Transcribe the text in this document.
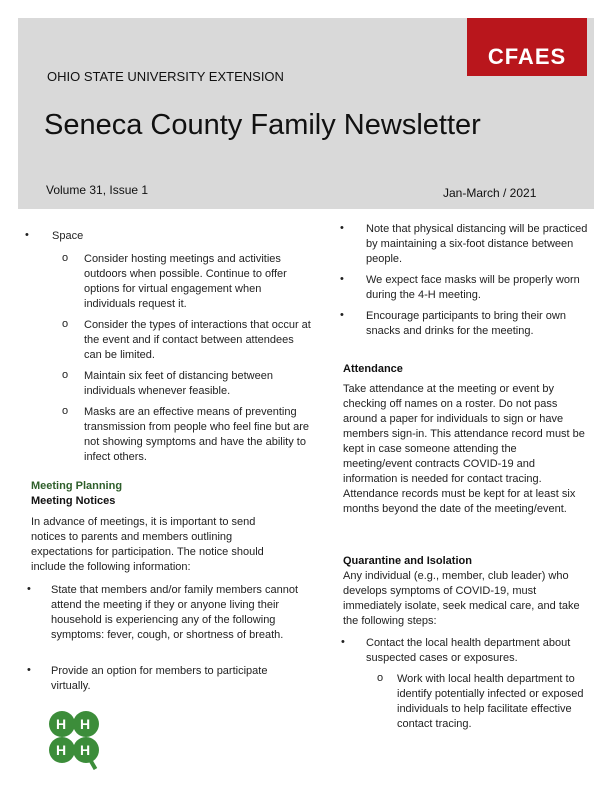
CFAES
OHIO STATE UNIVERSITY EXTENSION
Seneca County Family Newsletter
Volume 31, Issue 1	Jan-March / 2021
• Space
o Consider hosting meetings and activities outdoors when possible. Continue to offer options for virtual engagement when individuals request it.
o Consider the types of interactions that occur at the event and if contact between attendees can be limited.
o Maintain six feet of distancing between individuals whenever feasible.
o Masks are an effective means of preventing transmission from people who feel fine but are not showing symptoms and have the ability to infect others.
Meeting Planning
Meeting Notices
In advance of meetings, it is important to send notices to parents and members outlining expectations for participation. The notice should include the following information:
• State that members and/or family members cannot attend the meeting if they or anyone living their household is experiencing any of the following symptoms: fever, cough, or shortness of breath.
• Provide an option for members to participate virtually.
H H
H H
• Note that physical distancing will be practiced by maintaining a six-foot distance between people.
• We expect face masks will be properly worn during the 4-H meeting.
• Encourage participants to bring their own snacks and drinks for the meeting.
Attendance
Take attendance at the meeting or event by checking off names on a roster. Do not pass around a paper for individuals to sign or have members sign-in. This attendance record must be kept in case someone attending the meeting/event contracts COVID-19 and information is needed for contact tracing. Attendance records must be kept for at least six months beyond the date of the meeting/event.
Quarantine and Isolation
Any individual (e.g., member, club leader) who develops symptoms of COVID-19, must immediately isolate, seek medical care, and take the following steps:
• Contact the local health department about suspected cases or exposures.
o Work with local health department to identify potentially infected or exposed individuals to help facilitate effective contact tracing.
